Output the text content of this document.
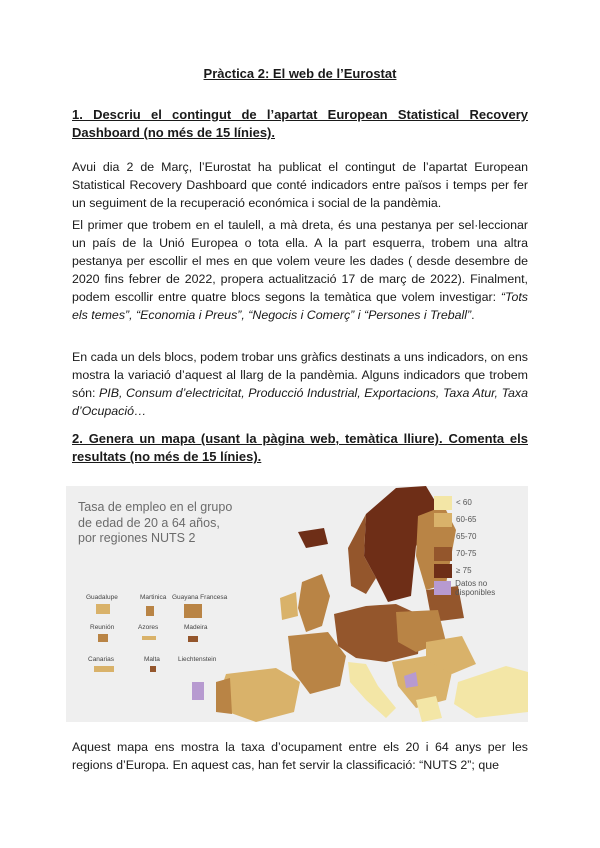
Pràctica 2: El web de l’Eurostat
1. Descriu el contingut de l’apartat European Statistical Recovery Dashboard (no més de 15 línies).
Avui dia 2 de Març, l’Eurostat ha publicat el contingut de l’apartat European Statistical Recovery Dashboard que conté indicadors entre països i temps per fer un seguiment de la recuperació económica i social de la pandèmia.
El primer que trobem en el taulell, a mà dreta, és una pestanya per sel·leccionar un país de la Unió Europea o tota ella. A la part esquerra, trobem una altra pestanya per escollir el mes en que volem veure les dades ( desde desembre de 2020 fins febrer de 2022, propera actualització 17 de març de 2022). Finalment, podem escollir entre quatre blocs segons la temàtica que volem investigar: “Tots els temes”, “Economia i Preus”, “Negocis i Comerç” i “Persones i Treball”.
En cada un dels blocs, podem trobar uns gràfics destinats a uns indicadors, on ens mostra la variació d’aquest al llarg de la pandèmia. Alguns indicadors que trobem són: PIB, Consum d’electricitat, Producció Industrial, Exportacions, Taxa Atur, Taxa d’Ocupació…
2. Genera un mapa (usant la pàgina web, temàtica lliure). Comenta els resultats (no més de 15 línies).
Tasa de empleo en el grupo de edad de 20 a 64 años, por regiones NUTS 2
< 60
60-65
65-70
70-75
≥ 75
Datos no disponibles
Guadalupe	Martinica Guayana Francesa
Reunión	Azores	Madeira
Canarias	Malta	Liechtenstein
Aquest mapa ens mostra la taxa d’ocupament entre els 20 i 64 anys per les regions d’Europa. En aquest cas, han fet servir la classificació: “NUTS 2”; que
